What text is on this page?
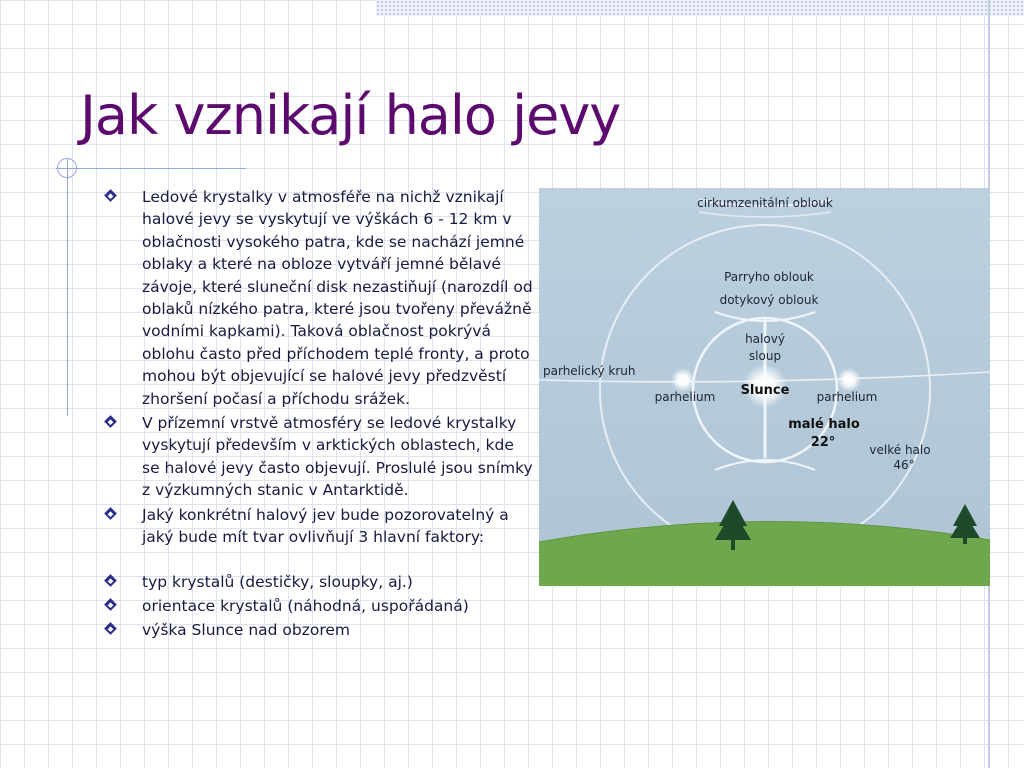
Jak vznikají halo jevy
Ledové krystalky v atmosféře na nichž vznikají halové jevy se vyskytují ve výškách 6 - 12 km v oblačnosti vysokého patra, kde se nachází jemné oblaky a které na obloze vytváří jemné bělavé závoje, které sluneční disk nezastiňují (narozdíl od oblaků nízkého patra, které jsou tvořeny převážně vodními kapkami). Taková oblačnost pokrývá oblohu často před příchodem teplé fronty, a proto mohou být objevující se halové jevy předzvěstí zhoršení počasí a příchodu srážek.
V přízemní vrstvě atmosféry se ledové krystalky vyskytují především v arktických oblastech, kde se halové jevy často objevují. Proslulé jsou snímky z výzkumných stanic v Antarktidě.
Jaký konkrétní halový jev bude pozorovatelný a jaký bude mít tvar ovlivňují 3 hlavní faktory:
typ krystalů (destičky, sloupky, aj.)
orientace krystalů (náhodná, uspořádaná)
výška Slunce nad obzorem
cirkumzenitální oblouk
Parryho oblouk
dotykový oblouk
halový
sloup
parhelický kruh
Slunce
parhelium	parhelium
malé halo
22°	velké halo
46°
